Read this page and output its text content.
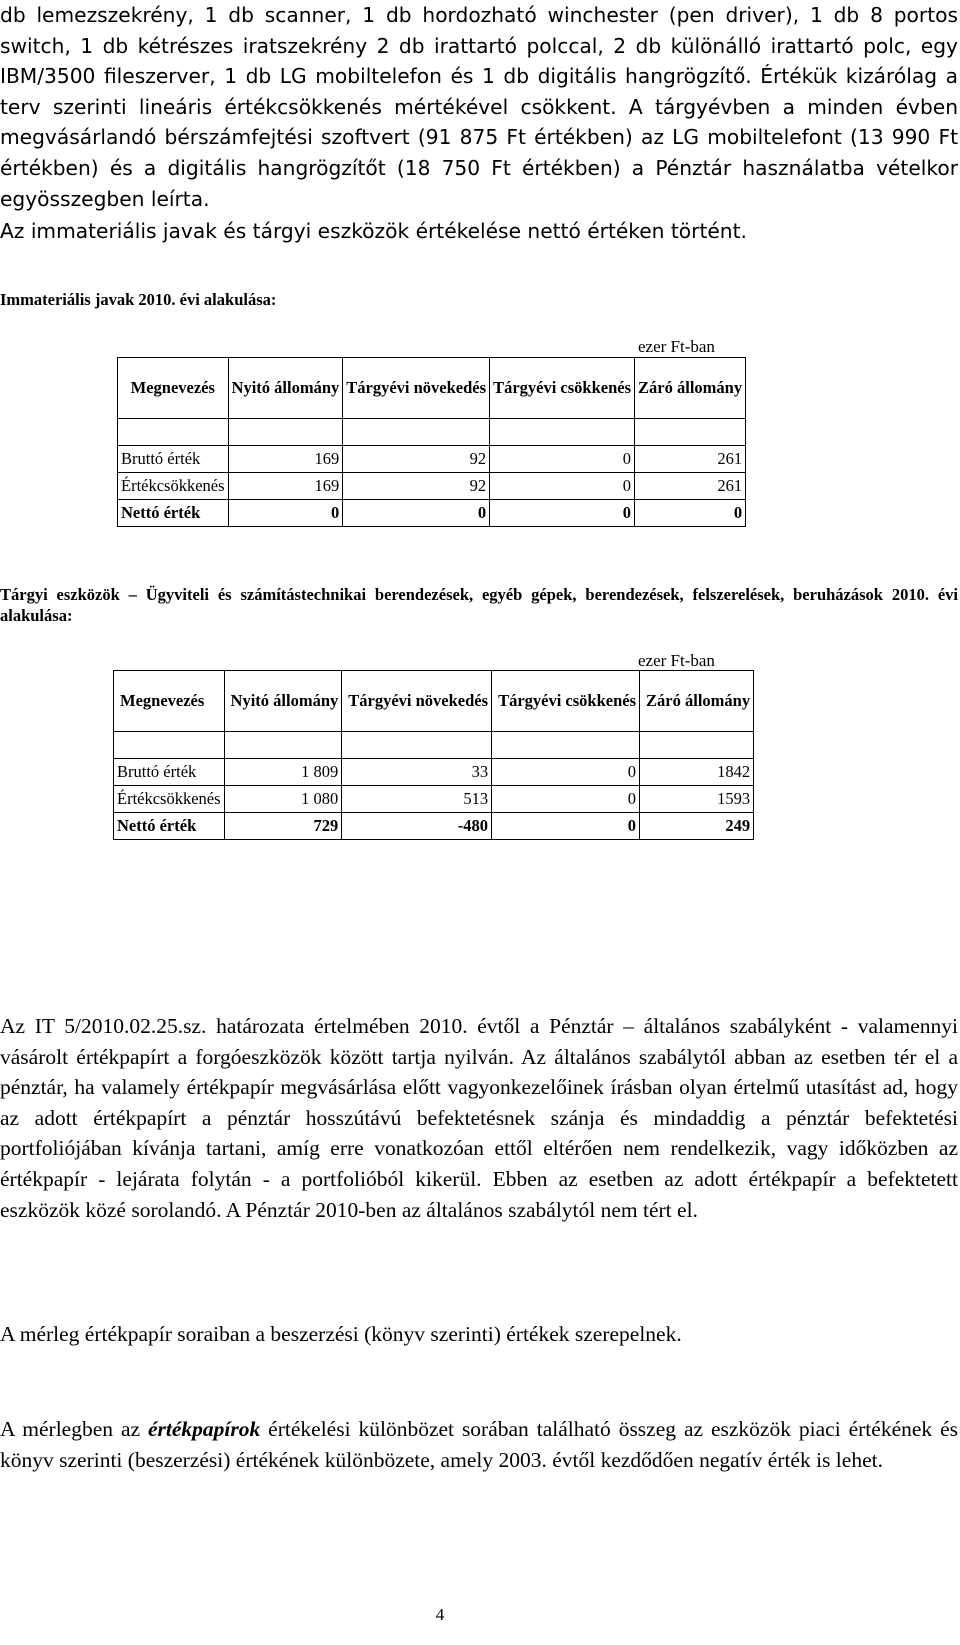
db lemezszekrény, 1 db scanner, 1 db hordozható winchester (pen driver), 1 db 8 portos switch, 1 db kétrészes iratszekrény 2 db irattartó polccal, 2 db különálló irattartó polc, egy IBM/3500 fileszerver, 1 db LG mobiltelefon és 1 db digitális hangrögzítő. Értékük kizárólag a terv szerinti lineáris értékcsökkenés mértékével csökkent. A tárgyévben a minden évben megvásárlandó bérszámfejtési szoftvert (91 875 Ft értékben) az LG mobiltelefont (13 990 Ft értékben) és a digitális hangrögzítőt (18 750 Ft értékben) a Pénztár használatba vételkor egyösszegben leírta.

Az immateriális javak és tárgyi eszközök értékelése nettó értéken történt.

Immateriális javak 2010. évi alakulása:

ezer Ft-ban
Megnevezés	Nyitó állomány	Tárgyévi növekedés	Tárgyévi csökkenés	Záró állomány

Bruttó érték	169	92	0	261
Értékcsökkenés	169	92	0	261
Nettó érték	0	0	0	0

Tárgyi eszközök – Ügyviteli és számítástechnikai berendezések, egyéb gépek, berendezések, felszerelések, beruházások 2010. évi alakulása:

ezer Ft-ban
Megnevezés	Nyitó állomány	Tárgyévi növekedés	Tárgyévi csökkenés	Záró állomány

Bruttó érték	1 809	33	0	1842
Értékcsökkenés	1 080	513	0	1593
Nettó érték	729	-480	0	249

Az IT 5/2010.02.25.sz. határozata értelmében 2010. évtől a Pénztár – általános szabályként - valamennyi vásárolt értékpapírt a forgóeszközök között tartja nyilván. Az általános szabálytól abban az esetben tér el a pénztár, ha valamely értékpapír megvásárlása előtt vagyonkezelőinek írásban olyan értelmű utasítást ad, hogy az adott értékpapírt a pénztár hosszútávú befektetésnek szánja és mindaddig a pénztár befektetési portfoliójában kívánja tartani, amíg erre vonatkozóan ettől eltérően nem rendelkezik, vagy időközben az értékpapír - lejárata folytán - a portfolióból kikerül. Ebben az esetben az adott értékpapír a befektetett eszközök közé sorolandó. A Pénztár 2010-ben az általános szabálytól nem tért el.

A mérleg értékpapír soraiban a beszerzési (könyv szerinti) értékek szerepelnek.

A mérlegben az értékpapírok értékelési különbözet sorában található összeg az eszközök piaci értékének és könyv szerinti (beszerzési) értékének különbözete, amely 2003. évtől kezdődően negatív érték is lehet.

4
